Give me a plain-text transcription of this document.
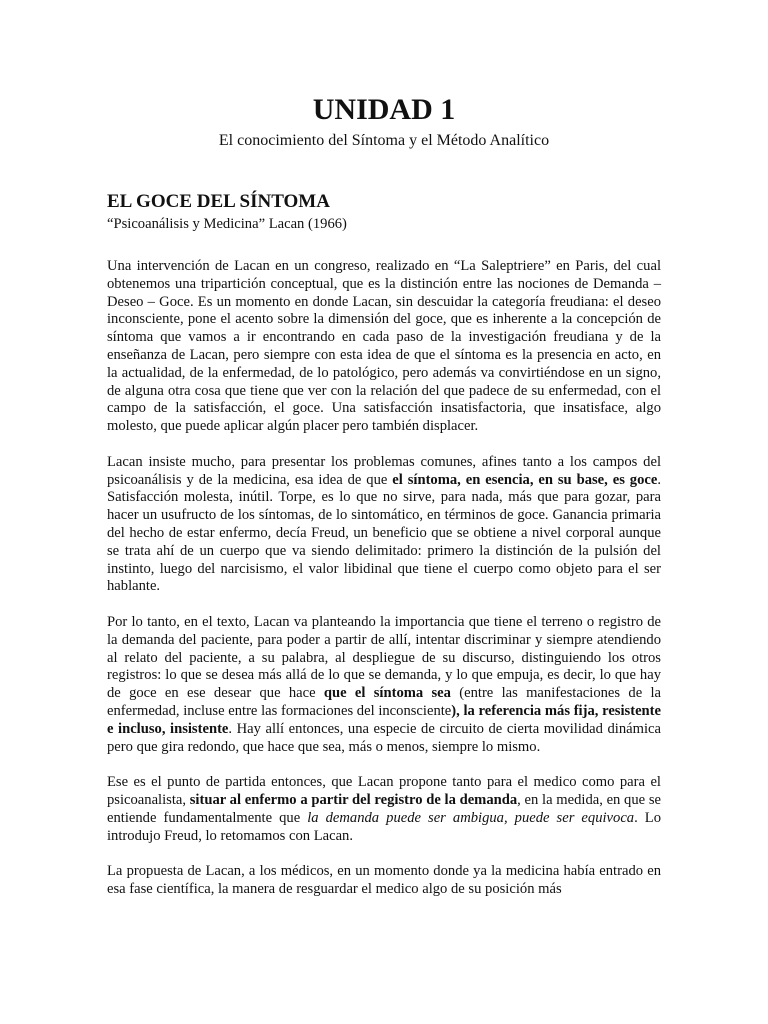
UNIDAD 1

El conocimiento del Síntoma y el Método Analítico

EL GOCE DEL SÍNTOMA

“Psicoanálisis y Medicina” Lacan (1966)

Una intervención de Lacan en un congreso, realizado en “La Saleptriere” en Paris, del cual obtenemos una tripartición conceptual, que es la distinción entre las nociones de Demanda – Deseo – Goce. Es un momento en donde Lacan, sin descuidar la categoría freudiana: el deseo inconsciente, pone el acento sobre la dimensión del goce, que es inherente a la concepción de síntoma que vamos a ir encontrando en cada paso de la investigación freudiana y de la enseñanza de Lacan, pero siempre con esta idea de que el síntoma es la presencia en acto, en la actualidad, de la enfermedad, de lo patológico, pero además va convirtiéndose en un signo, de alguna otra cosa que tiene que ver con la relación del que padece de su enfermedad, con el campo de la satisfacción, el goce. Una satisfacción insatisfactoria, que insatisface, algo molesto, que puede aplicar algún placer pero también displacer.

Lacan insiste mucho, para presentar los problemas comunes, afines tanto a los campos del psicoanálisis y de la medicina, esa idea de que el síntoma, en esencia, en su base, es goce. Satisfacción molesta, inútil. Torpe, es lo que no sirve, para nada, más que para gozar, para hacer un usufructo de los síntomas, de lo sintomático, en términos de goce. Ganancia primaria del hecho de estar enfermo, decía Freud, un beneficio que se obtiene a nivel corporal aunque se trata ahí de un cuerpo que va siendo delimitado: primero la distinción de la pulsión del instinto, luego del narcisismo, el valor libidinal que tiene el cuerpo como objeto para el ser hablante.

Por lo tanto, en el texto, Lacan va planteando la importancia que tiene el terreno o registro de la demanda del paciente, para poder a partir de allí, intentar discriminar y siempre atendiendo al relato del paciente, a su palabra, al despliegue de su discurso, distinguiendo los otros registros: lo que se desea más allá de lo que se demanda, y lo que empuja, es decir, lo que hay de goce en ese desear que hace que el síntoma sea (entre las manifestaciones de la enfermedad, incluse entre las formaciones del inconsciente), la referencia más fija, resistente e incluso, insistente. Hay allí entonces, una especie de circuito de cierta movilidad dinámica pero que gira redondo, que hace que sea, más o menos, siempre lo mismo.

Ese es el punto de partida entonces, que Lacan propone tanto para el medico como para el psicoanalista, situar al enfermo a partir del registro de la demanda, en la medida, en que se entiende fundamentalmente que la demanda puede ser ambigua, puede ser equivoca. Lo introdujo Freud, lo retomamos con Lacan.

La propuesta de Lacan, a los médicos, en un momento donde ya la medicina había entrado en esa fase científica, la manera de resguardar el medico algo de su posición más
